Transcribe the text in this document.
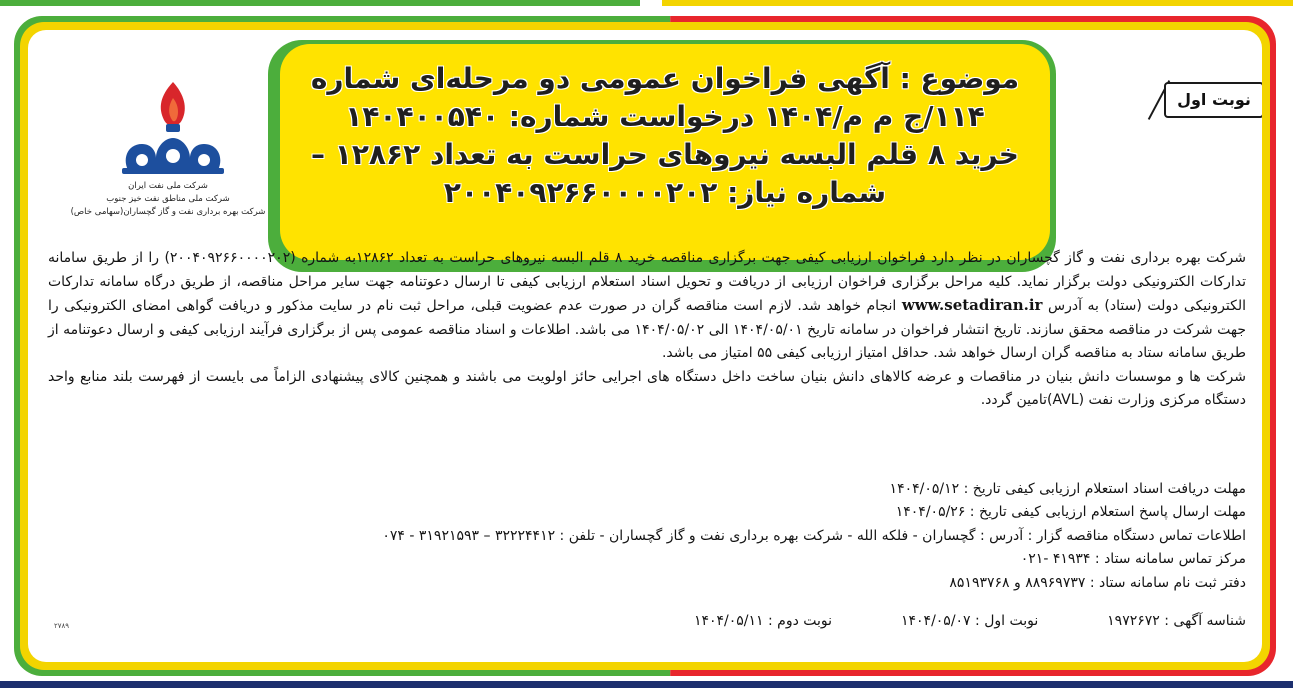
موضوع : آگهی فراخوان عمومی دو مرحله‌ای شماره
۱۱۴/ج م م/۱۴۰۴ درخواست شماره: ۱۴۰۴۰۰۵۴۰
خرید ۸ قلم البسه نیروهای حراست به تعداد ۱۲۸۶۲ –
شماره نیاز: ۲۰۰۴۰۹۲۶۶۰۰۰۰۲۰۲
شرکت ملی نفت ایران
شرکت ملی مناطق نفت خیز جنوب
شرکت بهره برداری نفت و گاز گچساران(سهامی خاص)
نوبت اول

شرکت بهره برداری نفت و گاز گچساران در نظر دارد فراخوان ارزیابی کیفی جهت برگزاری مناقصه خرید ۸ قلم البسه نیروهای حراست به تعداد ۱۲۸۶۲به شماره (۲۰۰۴۰۹۲۶۶۰۰۰۰۲۰۲) را از طریق سامانه تدارکات الکترونیکی دولت برگزار نماید. کلیه مراحل برگزاری فراخوان ارزیابی از دریافت و تحویل اسناد استعلام ارزیابی کیفی تا ارسال دعوتنامه جهت سایر مراحل مناقصه، از طریق درگاه سامانه تدارکات الکترونیکی دولت (ستاد) به آدرس www.setadiran.ir انجام خواهد شد. لازم است مناقصه گران در صورت عدم عضویت قبلی، مراحل ثبت نام در سایت مذکور و دریافت گواهی امضای الکترونیکی را جهت شرکت در مناقصه محقق سازند. تاریخ انتشار فراخوان در سامانه تاریخ ۱۴۰۴/۰۵/۰۱ الی ۱۴۰۴/۰۵/۰۲ می باشد. اطلاعات و اسناد مناقصه عمومی پس از برگزاری فرآیند ارزیابی کیفی و ارسال دعوتنامه از طریق سامانه ستاد به مناقصه گران ارسال خواهد شد. حداقل امتیاز ارزیابی کیفی ۵۵ امتیاز می باشد.

شرکت ها و موسسات دانش بنیان در مناقصات و عرضه کالاهای دانش بنیان ساخت داخل دستگاه های اجرایی حائز اولویت می باشند و همچنین کالای پیشنهادی الزاماً می بایست از فهرست بلند منابع واحد دستگاه مرکزی وزارت نفت (AVL)تامین گردد.

مهلت دریافت اسناد استعلام ارزیابی کیفی تاریخ : ۱۴۰۴/۰۵/۱۲
مهلت ارسال پاسخ استعلام ارزیابی کیفی تاریخ : ۱۴۰۴/۰۵/۲۶
اطلاعات تماس دستگاه مناقصه گزار : آدرس : گچساران - فلکه الله - شرکت بهره برداری نفت و گاز گچساران - تلفن : ۳۲۲۲۴۴۱۲ – ۳۱۹۲۱۵۹۳ - ۰۷۴
مرکز تماس سامانه ستاد : ۴۱۹۳۴ -۰۲۱
دفتر ثبت نام سامانه ستاد : ۸۸۹۶۹۷۳۷ و ۸۵۱۹۳۷۶۸
شناسه آگهی : ۱۹۷۲۶۷۲  نوبت اول : ۱۴۰۴/۰۵/۰۷  نوبت دوم : ۱۴۰۴/۰۵/۱۱
۲۷۸۹
